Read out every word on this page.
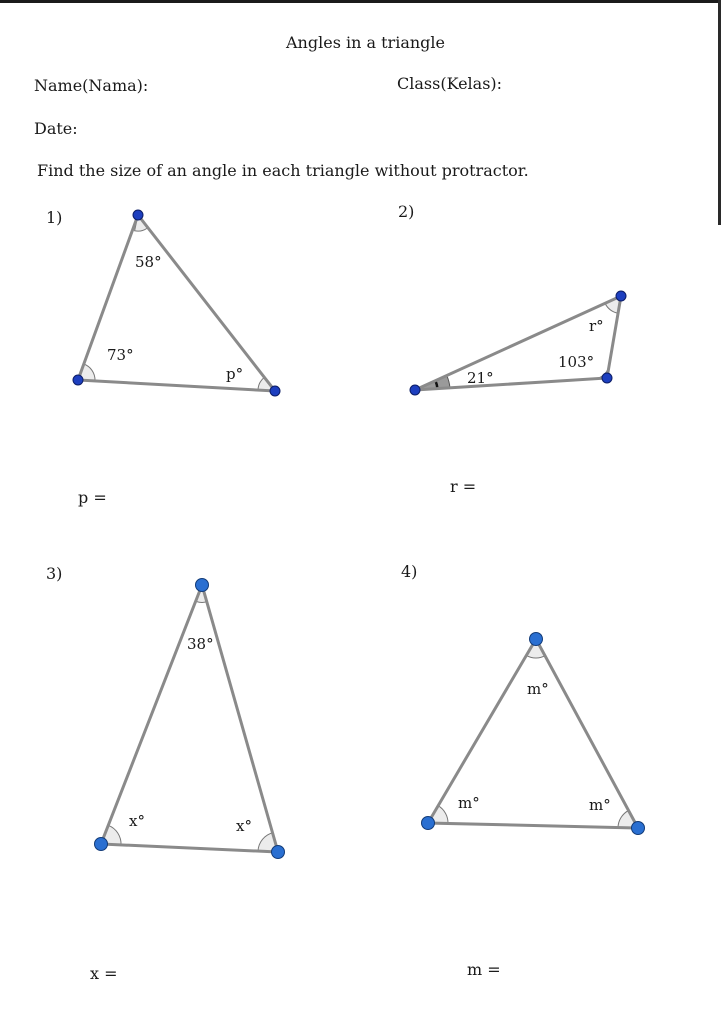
Angles in a triangle
Name(Nama):	Class(Kelas):
Date:
Find the size of an angle in each triangle without protractor.
1)	2)
3)	4)
p =
r =
x =	m =
58°
73°
p°	21°
r°
103°
38°
x°	x°
m°
m°	m°
